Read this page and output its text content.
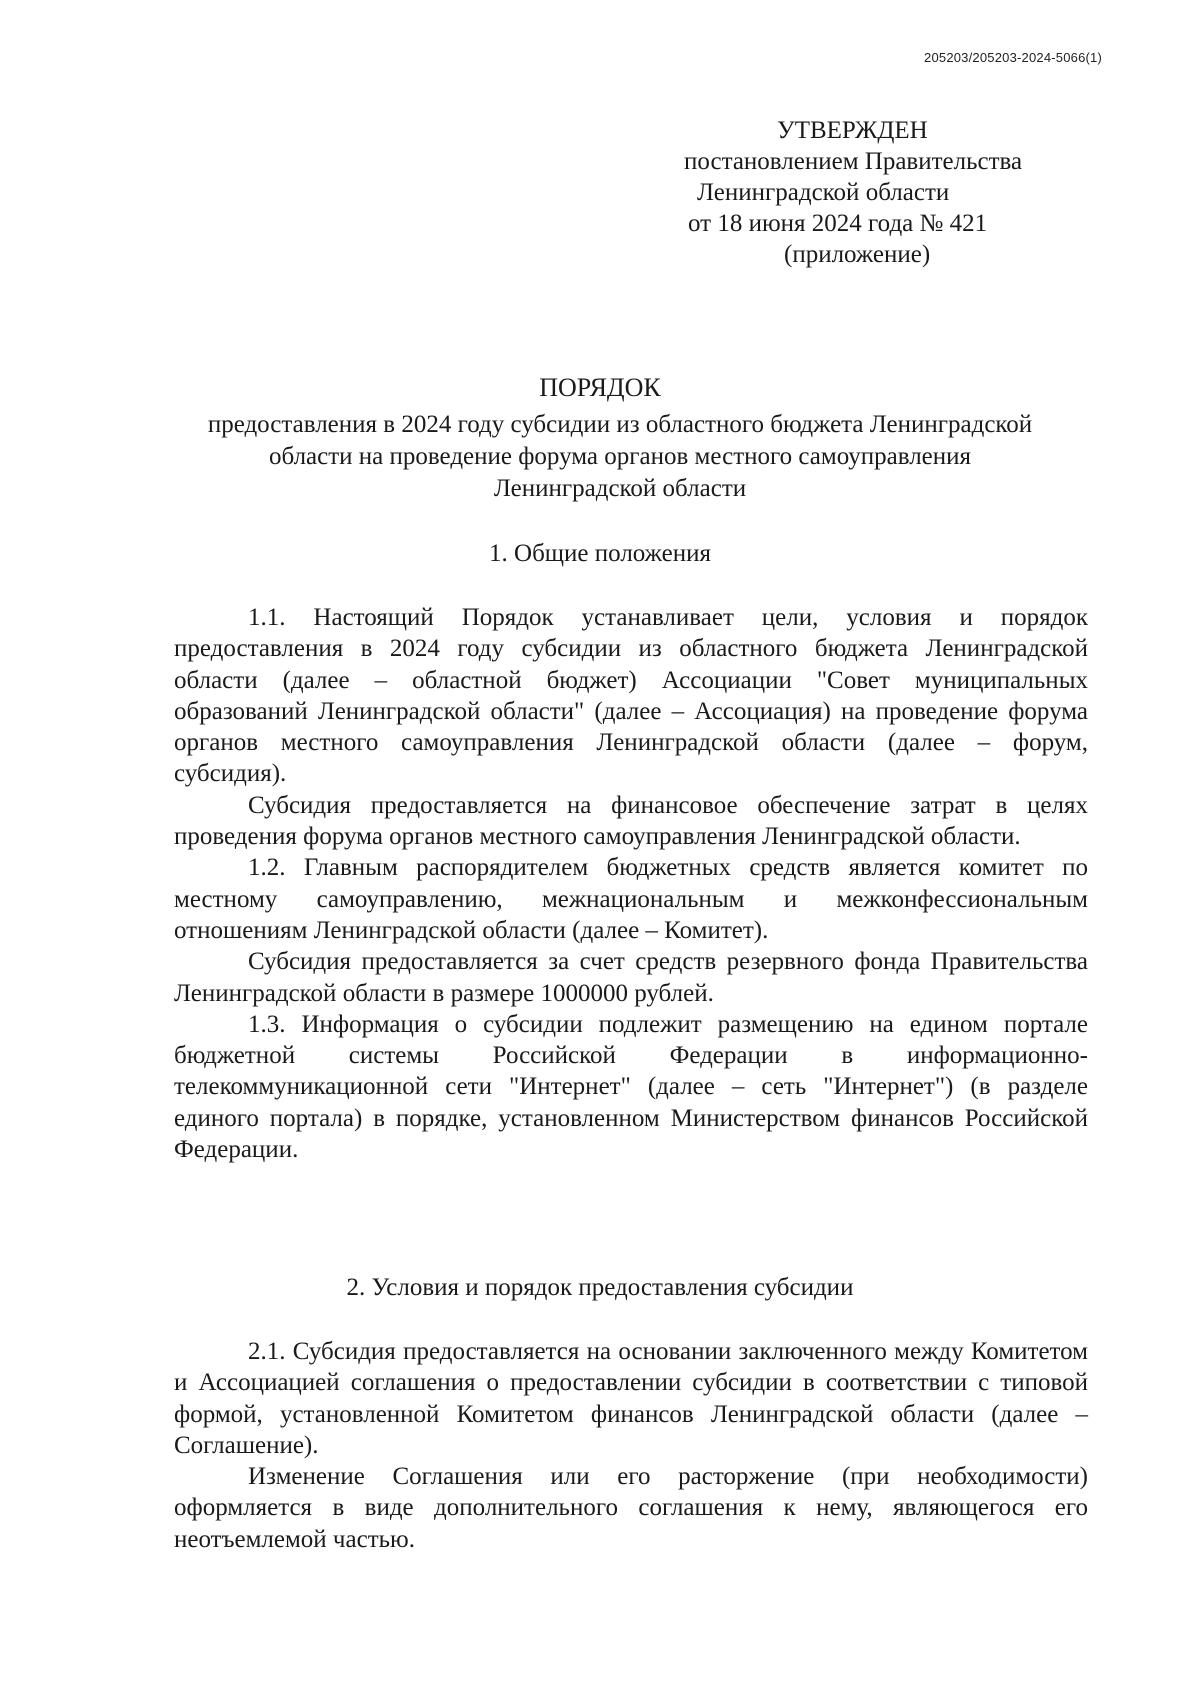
205203/205203-2024-5066(1)
УТВЕРЖДЕН
постановлением Правительства
Ленинградской области
от 18 июня 2024 года № 421
(приложение)
ПОРЯДОК
предоставления в 2024 году субсидии из областного бюджета Ленинградской области на проведение форума органов местного самоуправления Ленинградской области
1. Общие положения

1.1. Настоящий Порядок устанавливает цели, условия и порядок предоставления в 2024 году субсидии из областного бюджета Ленинградской области (далее – областной бюджет) Ассоциации "Совет муниципальных образований Ленинградской области" (далее – Ассоциация) на проведение форума органов местного самоуправления Ленинградской области (далее – форум, субсидия).

Субсидия предоставляется на финансовое обеспечение затрат в целях проведения форума органов местного самоуправления Ленинградской области.

1.2. Главным распорядителем бюджетных средств является комитет по местному самоуправлению, межнациональным и межконфессиональным отношениям Ленинградской области (далее – Комитет).

Субсидия предоставляется за счет средств резервного фонда Правительства Ленинградской области в размере 1000000 рублей.

1.3. Информация о субсидии подлежит размещению на едином портале бюджетной системы Российской Федерации в информационно-телекоммуникационной сети "Интернет" (далее – сеть "Интернет") (в разделе единого портала) в порядке, установленном Министерством финансов Российской Федерации.

2. Условия и порядок предоставления субсидии

2.1. Субсидия предоставляется на основании заключенного между Комитетом и Ассоциацией соглашения о предоставлении субсидии в соответствии с типовой формой, установленной Комитетом финансов Ленинградской области (далее – Соглашение).

Изменение Соглашения или его расторжение (при необходимости) оформляется в виде дополнительного соглашения к нему, являющегося его неотъемлемой частью.
